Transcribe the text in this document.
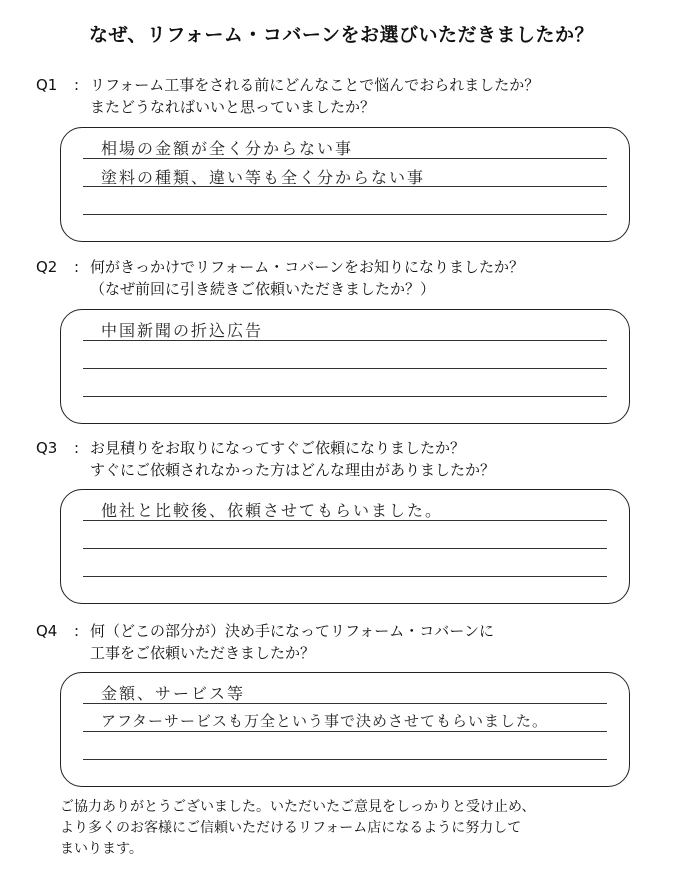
なぜ、リフォーム・コバーンをお選びいただきましたか？
Q1 : リフォーム工事をされる前にどんなことで悩んでおられましたか？
またどうなればいいと思っていましたか？
相場の金額が全く分からない事
塗料の種類、違い等も全く分からない事
Q2 : 何がきっかけでリフォーム・コバーンをお知りになりましたか？
（なぜ前回に引き続きご依頼いただきましたか？）
中国新聞の折込広告
Q3 : お見積りをお取りになってすぐご依頼になりましたか？
すぐにご依頼されなかった方はどんな理由がありましたか？
他社と比較後、依頼させてもらいました。
Q4 : 何（どこの部分が）決め手になってリフォーム・コバーンに
工事をご依頼いただきましたか？
金額、サービス等
アフターサービスも万全という事で決めさせてもらいました。
ご協力ありがとうございました。いただいたご意見をしっかりと受け止め、
より多くのお客様にご信頼いただけるリフォーム店になるように努力して
まいります。
